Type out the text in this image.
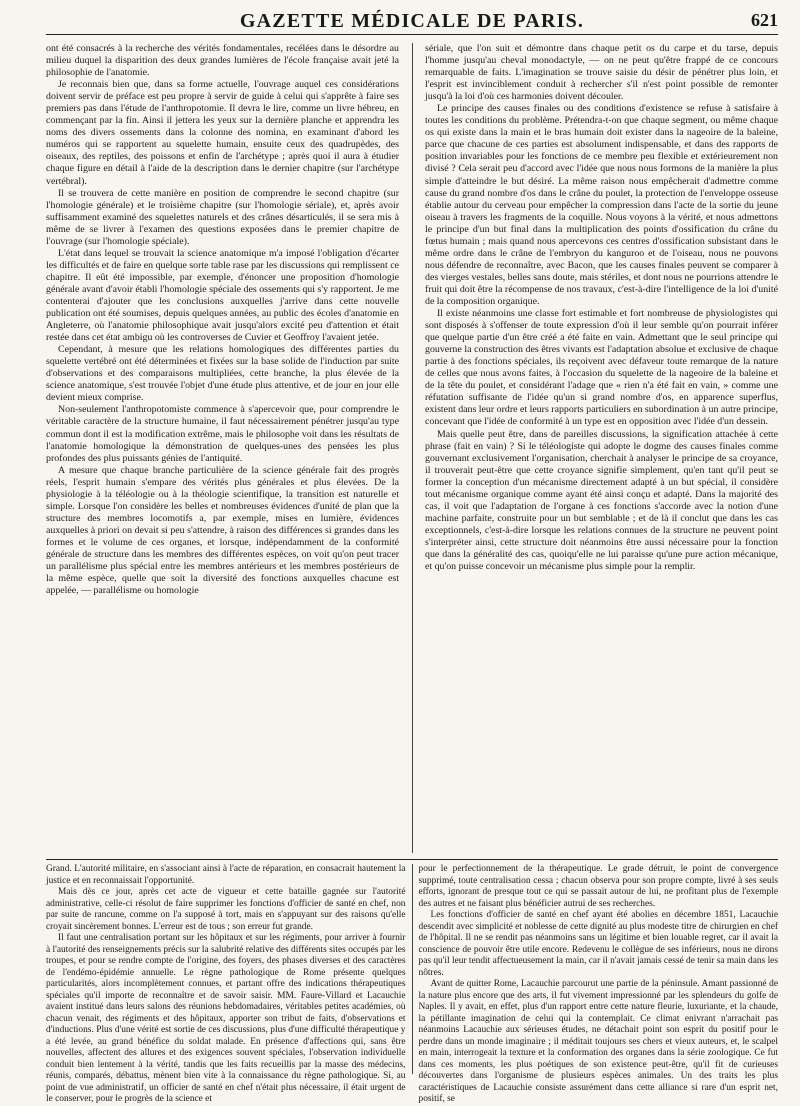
GAZETTE MÉDICALE DE PARIS.	621

ont été consacrés à la recherche des vérités fondamentales, recélées dans le désordre au milieu duquel la disparition des deux grandes lumières de l'école française avait jeté la philosophie de l'anatomie.

Je reconnais bien que, dans sa forme actuelle, l'ouvrage auquel ces considérations doivent servir de préface est peu propre à servir de guide à celui qui s'apprête à faire ses premiers pas dans l'étude de l'anthropotomie. Il devra le lire, comme un livre hébreu, en commençant par la fin. Ainsi il jettera les yeux sur la dernière planche et apprendra les noms des divers ossements dans la colonne des nomina, en examinant d'abord les numéros qui se rapportent au squelette humain, ensuite ceux des quadrupèdes, des oiseaux, des reptiles, des poissons et enfin de l'archétype ; après quoi il aura à étudier chaque figure en détail à l'aide de la description dans le dernier chapitre (sur l'archétype vertébral).

Il se trouvera de cette manière en position de comprendre le second chapitre (sur l'homologie générale) et le troisième chapitre (sur l'homologie sériale), et, après avoir suffisamment examiné des squelettes naturels et des crânes désarticulés, il se sera mis à même de se livrer à l'examen des questions exposées dans le premier chapitre de l'ouvrage (sur l'homologie spéciale).

L'état dans lequel se trouvait la science anatomique m'a imposé l'obligation d'écarter les difficultés et de faire en quelque sorte table rase par les discussions qui remplissent ce chapitre. Il eût été impossible, par exemple, d'énoncer une proposition d'homologie générale avant d'avoir établi l'homologie spéciale des ossements qui s'y rapportent. Je me contenterai d'ajouter que les conclusions auxquelles j'arrive dans cette nouvelle publication ont été soumises, depuis quelques années, au public des écoles d'anatomie en Angleterre, où l'anatomie philosophique avait jusqu'alors excité peu d'attention et était restée dans cet état ambigu où les controverses de Cuvier et Geoffroy l'avaient jetée.

Cependant, à mesure que les relations homologiques des différentes parties du squelette vertébré ont été déterminées et fixées sur la base solide de l'induction par suite d'observations et des comparaisons multipliées, cette branche, la plus élevée de la science anatomique, s'est trouvée l'objet d'une étude plus attentive, et de jour en jour elle devient mieux comprise.

Non-seulement l'anthropotomiste commence à s'apercevoir que, pour comprendre le véritable caractère de la structure humaine, il faut nécessairement pénétrer jusqu'au type commun dont il est la modification extrême, mais le philosophe voit dans les résultats de l'anatomie homologique la démonstration de quelques-unes des pensées les plus profondes des plus puissants génies de l'antiquité.

A mesure que chaque branche particulière de la science générale fait des progrès réels, l'esprit humain s'empare des vérités plus générales et plus élevées. De la physiologie à la téléologie ou à la théologie scientifique, la transition est naturelle et simple. Lorsque l'on considère les belles et nombreuses évidences d'unité de plan que la structure des membres locomotifs a, par exemple, mises en lumière, évidences auxquelles à priori on devait si peu s'attendre, à raison des différences si grandes dans les formes et le volume de ces organes, et lorsque, indépendamment de la conformité générale de structure dans les membres des différentes espèces, on voit qu'on peut tracer un parallélisme plus spécial entre les membres antérieurs et les membres postérieurs de la même espèce, quelle que soit la diversité des fonctions auxquelles chacune est appelée, — parallélisme ou homologie

sériale, que l'on suit et démontre dans chaque petit os du carpe et du tarse, depuis l'homme jusqu'au cheval monodactyle, — on ne peut qu'être frappé de ce concours remarquable de faits. L'imagination se trouve saisie du désir de pénétrer plus loin, et l'esprit est invinciblement conduit à rechercher s'il n'est point possible de remonter jusqu'à la loi d'où ces harmonies doivent découler.

Le principe des causes finales ou des conditions d'existence se refuse à satisfaire à toutes les conditions du problème. Prétendra-t-on que chaque segment, ou même chaque os qui existe dans la main et le bras humain doit exister dans la nageoire de la baleine, parce que chacune de ces parties est absolument indispensable, et dans des rapports de position invariables pour les fonctions de ce membre peu flexible et extérieurement non divisé ? Cela serait peu d'accord avec l'idée que nous nous formons de la manière la plus simple d'atteindre le but désiré. La même raison nous empêcherait d'admettre comme cause du grand nombre d'os dans le crâne du poulet, la protection de l'enveloppe osseuse établie autour du cerveau pour empêcher la compression dans l'acte de la sortie du jeune oiseau à travers les fragments de la coquille. Nous voyons à la vérité, et nous admettons le principe d'un but final dans la multiplication des points d'ossification du crâne du fœtus humain ; mais quand nous apercevons ces centres d'ossification subsistant dans le même ordre dans le crâne de l'embryon du kanguroo et de l'oiseau, nous ne pouvons nous défendre de reconnaître, avec Bacon, que les causes finales peuvent se comparer à des vierges vestales, belles sans doute, mais stériles, et dont nous ne pourrions attendre le fruit qui doit être la récompense de nos travaux, c'est-à-dire l'intelligence de la loi d'unité de la composition organique.

Il existe néanmoins une classe fort estimable et fort nombreuse de physiologistes qui sont disposés à s'offenser de toute expression d'où il leur semble qu'on pourrait inférer que quelque partie d'un être créé a été faite en vain. Admettant que le seul principe qui gouverne la construction des êtres vivants est l'adaptation absolue et exclusive de chaque partie à des fonctions spéciales, ils reçoivent avec défaveur toute remarque de la nature de celles que nous avons faites, à l'occasion du squelette de la nageoire de la baleine et de la tête du poulet, et considérant l'adage que « rien n'a été fait en vain, » comme une réfutation suffisante de l'idée qu'un si grand nombre d'os, en apparence superflus, existent dans leur ordre et leurs rapports particuliers en subordination à un autre principe, concevant que l'idée de conformité à un type est en opposition avec l'idée d'un dessein.

Mais quelle peut être, dans de pareilles discussions, la signification attachée à cette phrase (fait en vain) ? Si le téléologiste qui adopte le dogme des causes finales comme gouvernant exclusivement l'organisation, cherchait à analyser le principe de sa croyance, il trouverait peut-être que cette croyance signifie simplement, qu'en tant qu'il peut se former la conception d'un mécanisme directement adapté à un but spécial, il considère tout mécanisme organique comme ayant été ainsi conçu et adapté. Dans la majorité des cas, il voit que l'adaptation de l'organe à ces fonctions s'accorde avec la notion d'une machine parfaite, construite pour un but semblable ; et de là il conclut que dans les cas exceptionnels, c'est-à-dire lorsque les relations connues de la structure ne peuvent point s'interpréter ainsi, cette structure doit néanmoins être aussi nécessaire pour la fonction que dans la généralité des cas, quoiqu'elle ne lui paraisse qu'une pure action mécanique, et qu'on puisse concevoir un mécanisme plus simple pour la remplir.

Grand. L'autorité militaire, en s'associant ainsi à l'acte de réparation, en consacrait hautement la justice et en reconnaissait l'opportunité.

Mais dès ce jour, après cet acte de vigueur et cette bataille gagnée sur l'autorité administrative, celle-ci résolut de faire supprimer les fonctions d'officier de santé en chef, non par suite de rancune, comme on l'a supposé à tort, mais en s'appuyant sur des raisons qu'elle croyait sincèrement bonnes. L'erreur est de tous ; son erreur fut grande.

Il faut une centralisation portant sur les hôpitaux et sur les régiments, pour arriver à fournir à l'autorité des renseignements précis sur la salubrité relative des différents sites occupés par les troupes, et pour se rendre compte de l'origine, des foyers, des phases diverses et des caractères de l'endémo-épidémie annuelle. Le règne pathologique de Rome présente quelques particularités, alors incomplètement connues, et partant offre des indications thérapeutiques spéciales qu'il importe de reconnaître et de savoir saisir. MM. Faure-Villard et Lacauchie avaient institué dans leurs salons des réunions hebdomadaires, véritables petites académies, où chacun venait, des régiments et des hôpitaux, apporter son tribut de faits, d'observations et d'inductions. Plus d'une vérité est sortie de ces discussions, plus d'une difficulté thérapeutique y a été levée, au grand bénéfice du soldat malade. En présence d'affections qui, sans être nouvelles, affectent des allures et des exigences souvent spéciales, l'observation individuelle conduit bien lentement à la vérité, tandis que les faits recueillis par la masse des médecins, réunis, comparés, débattus, mènent bien vite à la connaissance du règne pathologique. Si, au point de vue administratif, un officier de santé en chef n'était plus nécessaire, il était urgent de le conserver, pour le progrès de la science et

pour le perfectionnement de la thérapeutique. Le grade détruit, le point de convergence supprimé, toute centralisation cessa ; chacun observa pour son propre compte, livré à ses seuls efforts, ignorant de presque tout ce qui se passait autour de lui, ne profitant plus de l'exemple des autres et ne faisant plus bénéficier autrui de ses recherches.

Les fonctions d'officier de santé en chef ayant été abolies en décembre 1851, Lacauchie descendit avec simplicité et noblesse de cette dignité au plus modeste titre de chirurgien en chef de l'hôpital. Il ne se rendit pas néanmoins sans un légitime et bien louable regret, car il avait la conscience de pouvoir être utile encore. Redevenu le collègue de ses inférieurs, nous ne dirons pas qu'il leur tendit affectueusement la main, car il n'avait jamais cessé de tenir sa main dans les nôtres.

Avant de quitter Rome, Lacauchie parcourut une partie de la péninsule. Amant passionné de la nature plus encore que des arts, il fut vivement impressionné par les splendeurs du golfe de Naples. Il y avait, en effet, plus d'un rapport entre cette nature fleurie, luxuriante, et la chaude, la pétillante imagination de celui qui la contemplait. Ce climat enivrant n'arrachait pas néanmoins Lacauchie aux sérieuses études, ne détachait point son esprit du positif pour le perdre dans un monde imaginaire ; il méditait toujours ses chers et vieux auteurs, et, le scalpel en main, interrogeait la texture et la conformation des organes dans la série zoologique. Ce fut dans ces moments, les plus poétiques de son existence peut-être, qu'il fit de curieuses découvertes dans l'organisme de plusieurs espèces animales. Un des traits les plus caractéristiques de Lacauchie consiste assurément dans cette alliance si rare d'un esprit net, positif, se
